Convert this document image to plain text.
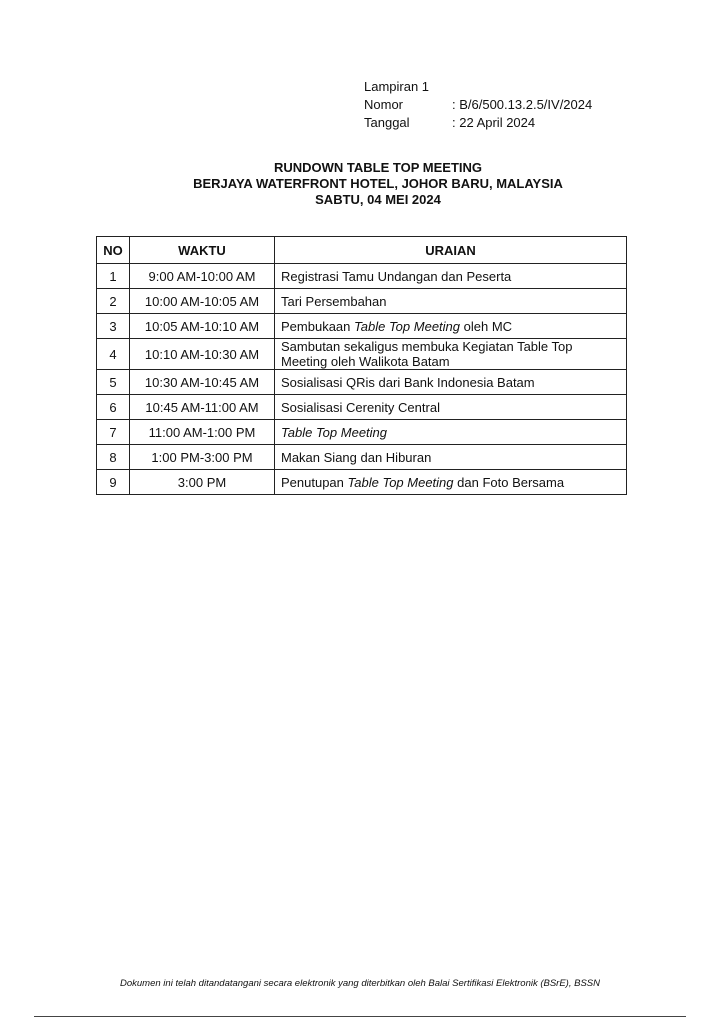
Lampiran 1
Nomor	: B/6/500.13.2.5/IV/2024
Tanggal	: 22 April 2024
RUNDOWN TABLE TOP MEETING
BERJAYA WATERFRONT HOTEL, JOHOR BARU, MALAYSIA
SABTU, 04 MEI 2024
NO	WAKTU	URAIAN
1	9:00 AM-10:00 AM	Registrasi Tamu Undangan dan Peserta
2	10:00 AM-10:05 AM	Tari Persembahan
3	10:05 AM-10:10 AM	Pembukaan Table Top Meeting oleh MC
4	10:10 AM-10:30 AM	Sambutan sekaligus membuka Kegiatan Table Top Meeting oleh Walikota Batam
5	10:30 AM-10:45 AM	Sosialisasi QRis dari Bank Indonesia Batam
6	10:45 AM-11:00 AM	Sosialisasi Cerenity Central
7	11:00 AM-1:00 PM	Table Top Meeting
8	1:00 PM-3:00 PM	Makan Siang dan Hiburan
9	3:00 PM	Penutupan Table Top Meeting dan Foto Bersama
Dokumen ini telah ditandatangani secara elektronik yang diterbitkan oleh Balai Sertifikasi Elektronik (BSrE), BSSN
